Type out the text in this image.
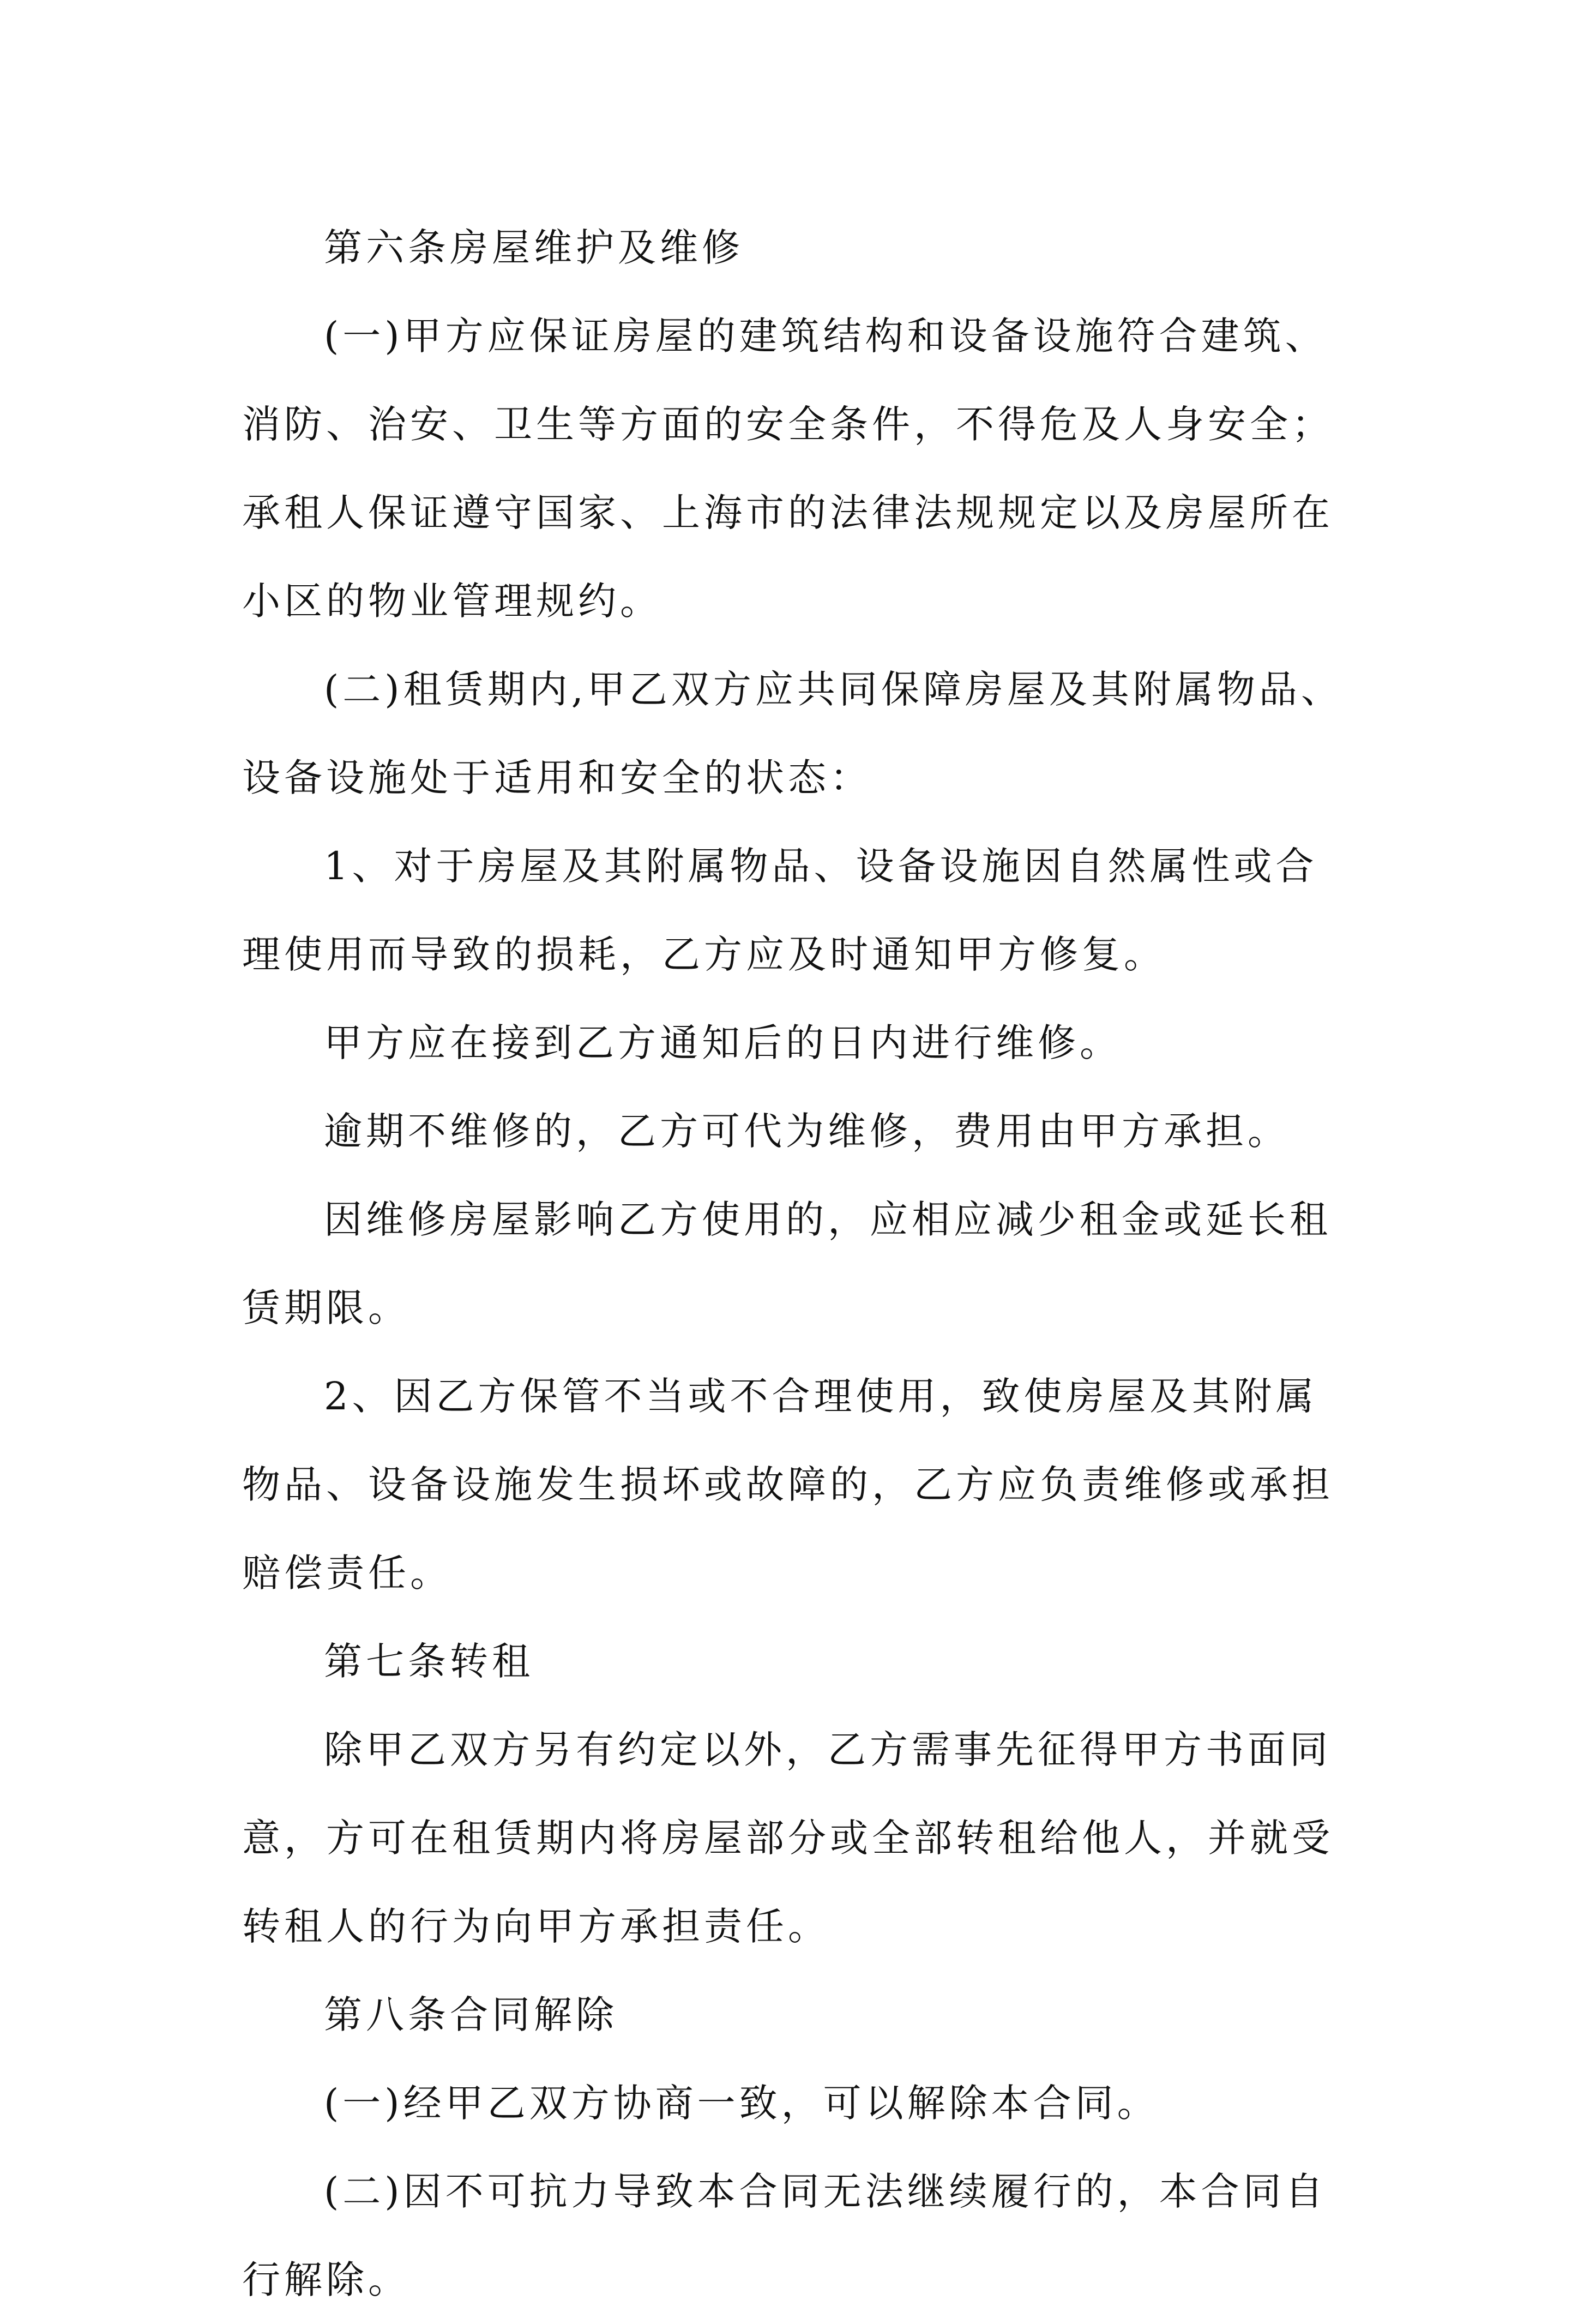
第六条房屋维护及维修
(一)甲方应保证房屋的建筑结构和设备设施符合建筑、
消防、治安、卫生等方面的安全条件，不得危及人身安全；
承租人保证遵守国家、上海市的法律法规规定以及房屋所在
小区的物业管理规约。
(二)租赁期内,甲乙双方应共同保障房屋及其附属物品、
设备设施处于适用和安全的状态：
1、对于房屋及其附属物品、设备设施因自然属性或合
理使用而导致的损耗，乙方应及时通知甲方修复。
甲方应在接到乙方通知后的日内进行维修。
逾期不维修的，乙方可代为维修，费用由甲方承担。
因维修房屋影响乙方使用的，应相应减少租金或延长租
赁期限。
2、因乙方保管不当或不合理使用，致使房屋及其附属
物品、设备设施发生损坏或故障的，乙方应负责维修或承担
赔偿责任。
第七条转租
除甲乙双方另有约定以外，乙方需事先征得甲方书面同
意，方可在租赁期内将房屋部分或全部转租给他人，并就受
转租人的行为向甲方承担责任。
第八条合同解除
(一)经甲乙双方协商一致，可以解除本合同。
(二)因不可抗力导致本合同无法继续履行的，本合同自
行解除。
